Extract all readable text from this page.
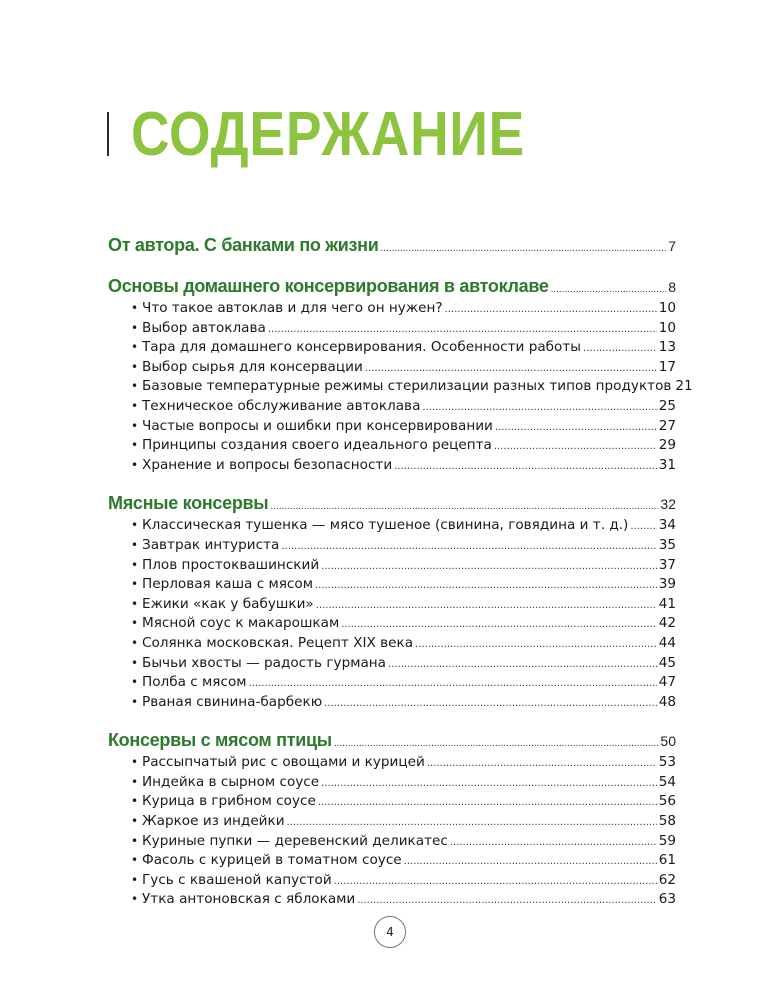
СОДЕРЖАНИЕ
От автора. С банками по жизни .....	7
Основы домашнего консервирования в автоклаве .....	8
• Что такое автоклав и для чего он нужен? .....	10
• Выбор автоклава .....	10
• Тара для домашнего консервирования. Особенности работы .....	13
• Выбор сырья для консервации .....	17
• Базовые температурные режимы стерилизации разных типов продуктов 21
• Техническое обслуживание автоклава .....	25
• Частые вопросы и ошибки при консервировании .....	27
• Принципы создания своего идеального рецепта .....	29
• Хранение и вопросы безопасности .....	31
Мясные консервы .....	32
• Классическая тушенка — мясо тушеное (свинина, говядина и т. д.) ..... 34
• Завтрак интуриста .....	35
• Плов простоквашинский .....	37
• Перловая каша с мясом .....	39
• Ежики «как у бабушки» .....	41
• Мясной соус к макарошкам .....	42
• Солянка московская. Рецепт XIX века .....	44
• Бычьи хвосты — радость гурмана .....	45
• Полба с мясом .....	47
• Рваная свинина-барбекю .....	48
Консервы с мясом птицы .....	50
• Рассыпчатый рис с овощами и курицей .....	53
• Индейка в сырном соусе .....	54
• Курица в грибном соусе .....	56
• Жаркое из индейки .....	58
• Куриные пупки — деревенский деликатес .....	59
• Фасоль с курицей в томатном соусе .....	61
• Гусь с квашеной капустой .....	62
• Утка антоновская с яблоками .....	63
4
